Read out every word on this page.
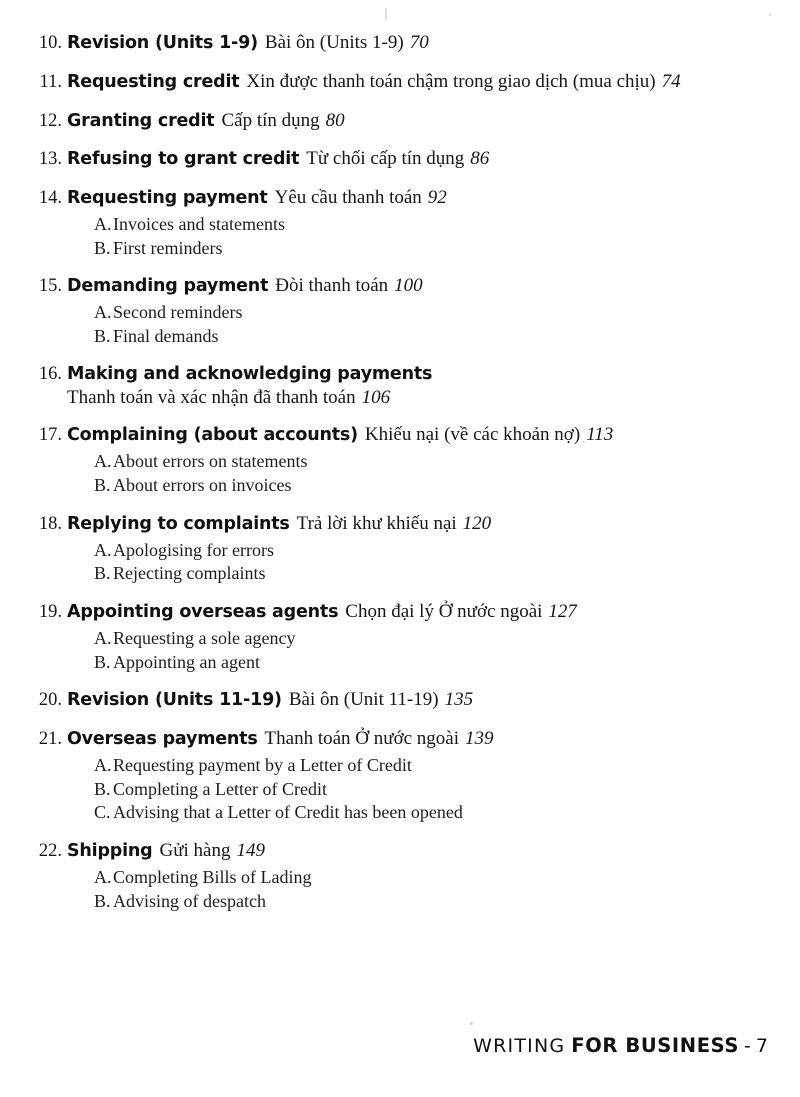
10. Revision (Units 1-9) Bài ôn (Units 1-9) 70
11. Requesting credit Xin được thanh toán chậm trong giao dịch (mua chịu) 74
12. Granting credit Cấp tín dụng 80
13. Refusing to grant credit Từ chối cấp tín dụng 86
14. Requesting payment Yêu cầu thanh toán 92
A.Invoices and statements
B. First reminders
15. Demanding payment Đòi thanh toán 100
A.Second reminders
B. Final demands
16. Making and acknowledging payments
Thanh toán và xác nhận đã thanh toán 106
17. Complaining (about accounts) Khiếu nại (về các khoản nợ) 113
A.About errors on statements
B. About errors on invoices
18. Replying to complaints Trả lời khư khiếu nại 120
A.Apologising for errors
B. Rejecting complaints
19. Appointing overseas agents Chọn đại lý Ở nước ngoài 127
A.Requesting a sole agency
B. Appointing an agent
20. Revision (Units 11-19) Bài ôn (Unit 11-19) 135
21. Overseas payments Thanh toán Ở nước ngoài 139
A.Requesting payment by a Letter of Credit
B. Completing a Letter of Credit
C. Advising that a Letter of Credit has been opened
22. Shipping Gửi hàng 149
A.Completing Bills of Lading
B. Advising of despatch
WRITING FOR BUSINESS - 7
